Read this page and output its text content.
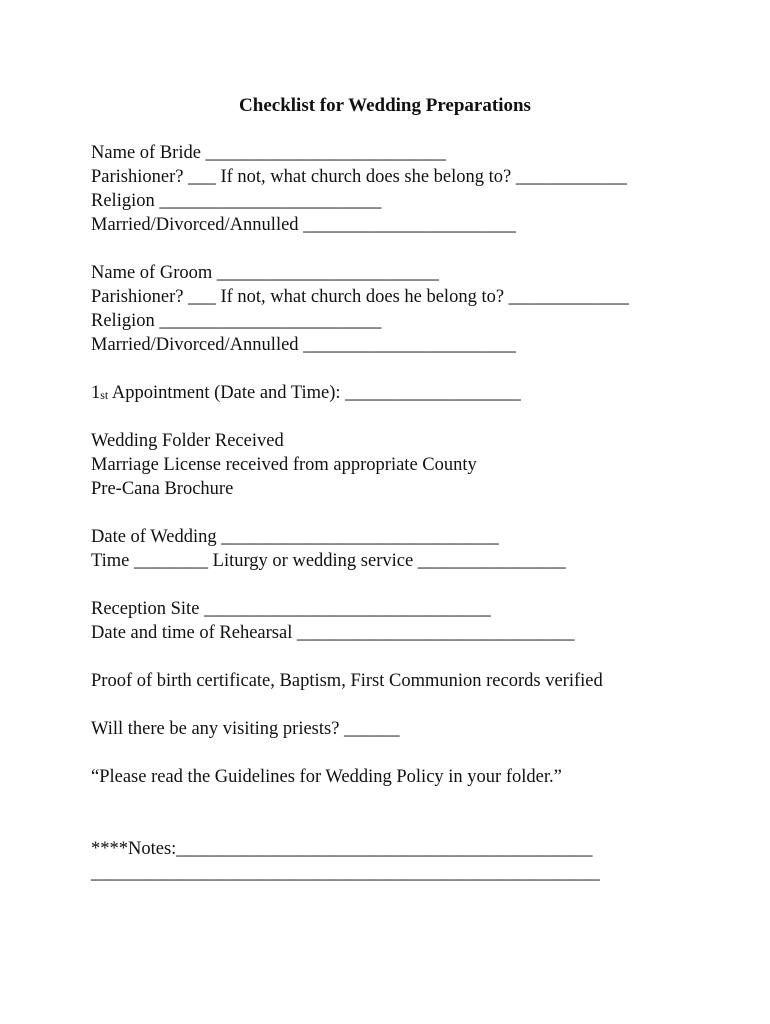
Checklist for Wedding Preparations
Name of Bride __________________________
Parishioner? ___ If not, what church does she belong to? ____________
Religion ________________________
Married/Divorced/Annulled _______________________
Name of Groom ________________________
Parishioner? ___ If not, what church does he belong to? _____________
Religion ________________________
Married/Divorced/Annulled _______________________
1st Appointment (Date and Time): ___________________
Wedding Folder Received
Marriage License received from appropriate County
Pre-Cana Brochure
Date of Wedding ______________________________
Time ________ Liturgy or wedding service ________________
Reception Site _______________________________
Date and time of Rehearsal ______________________________
Proof of birth certificate, Baptism, First Communion records verified
Will there be any visiting priests? ______
“Please read the Guidelines for Wedding Policy in your folder.”
****Notes:_____________________________________________
_______________________________________________________
